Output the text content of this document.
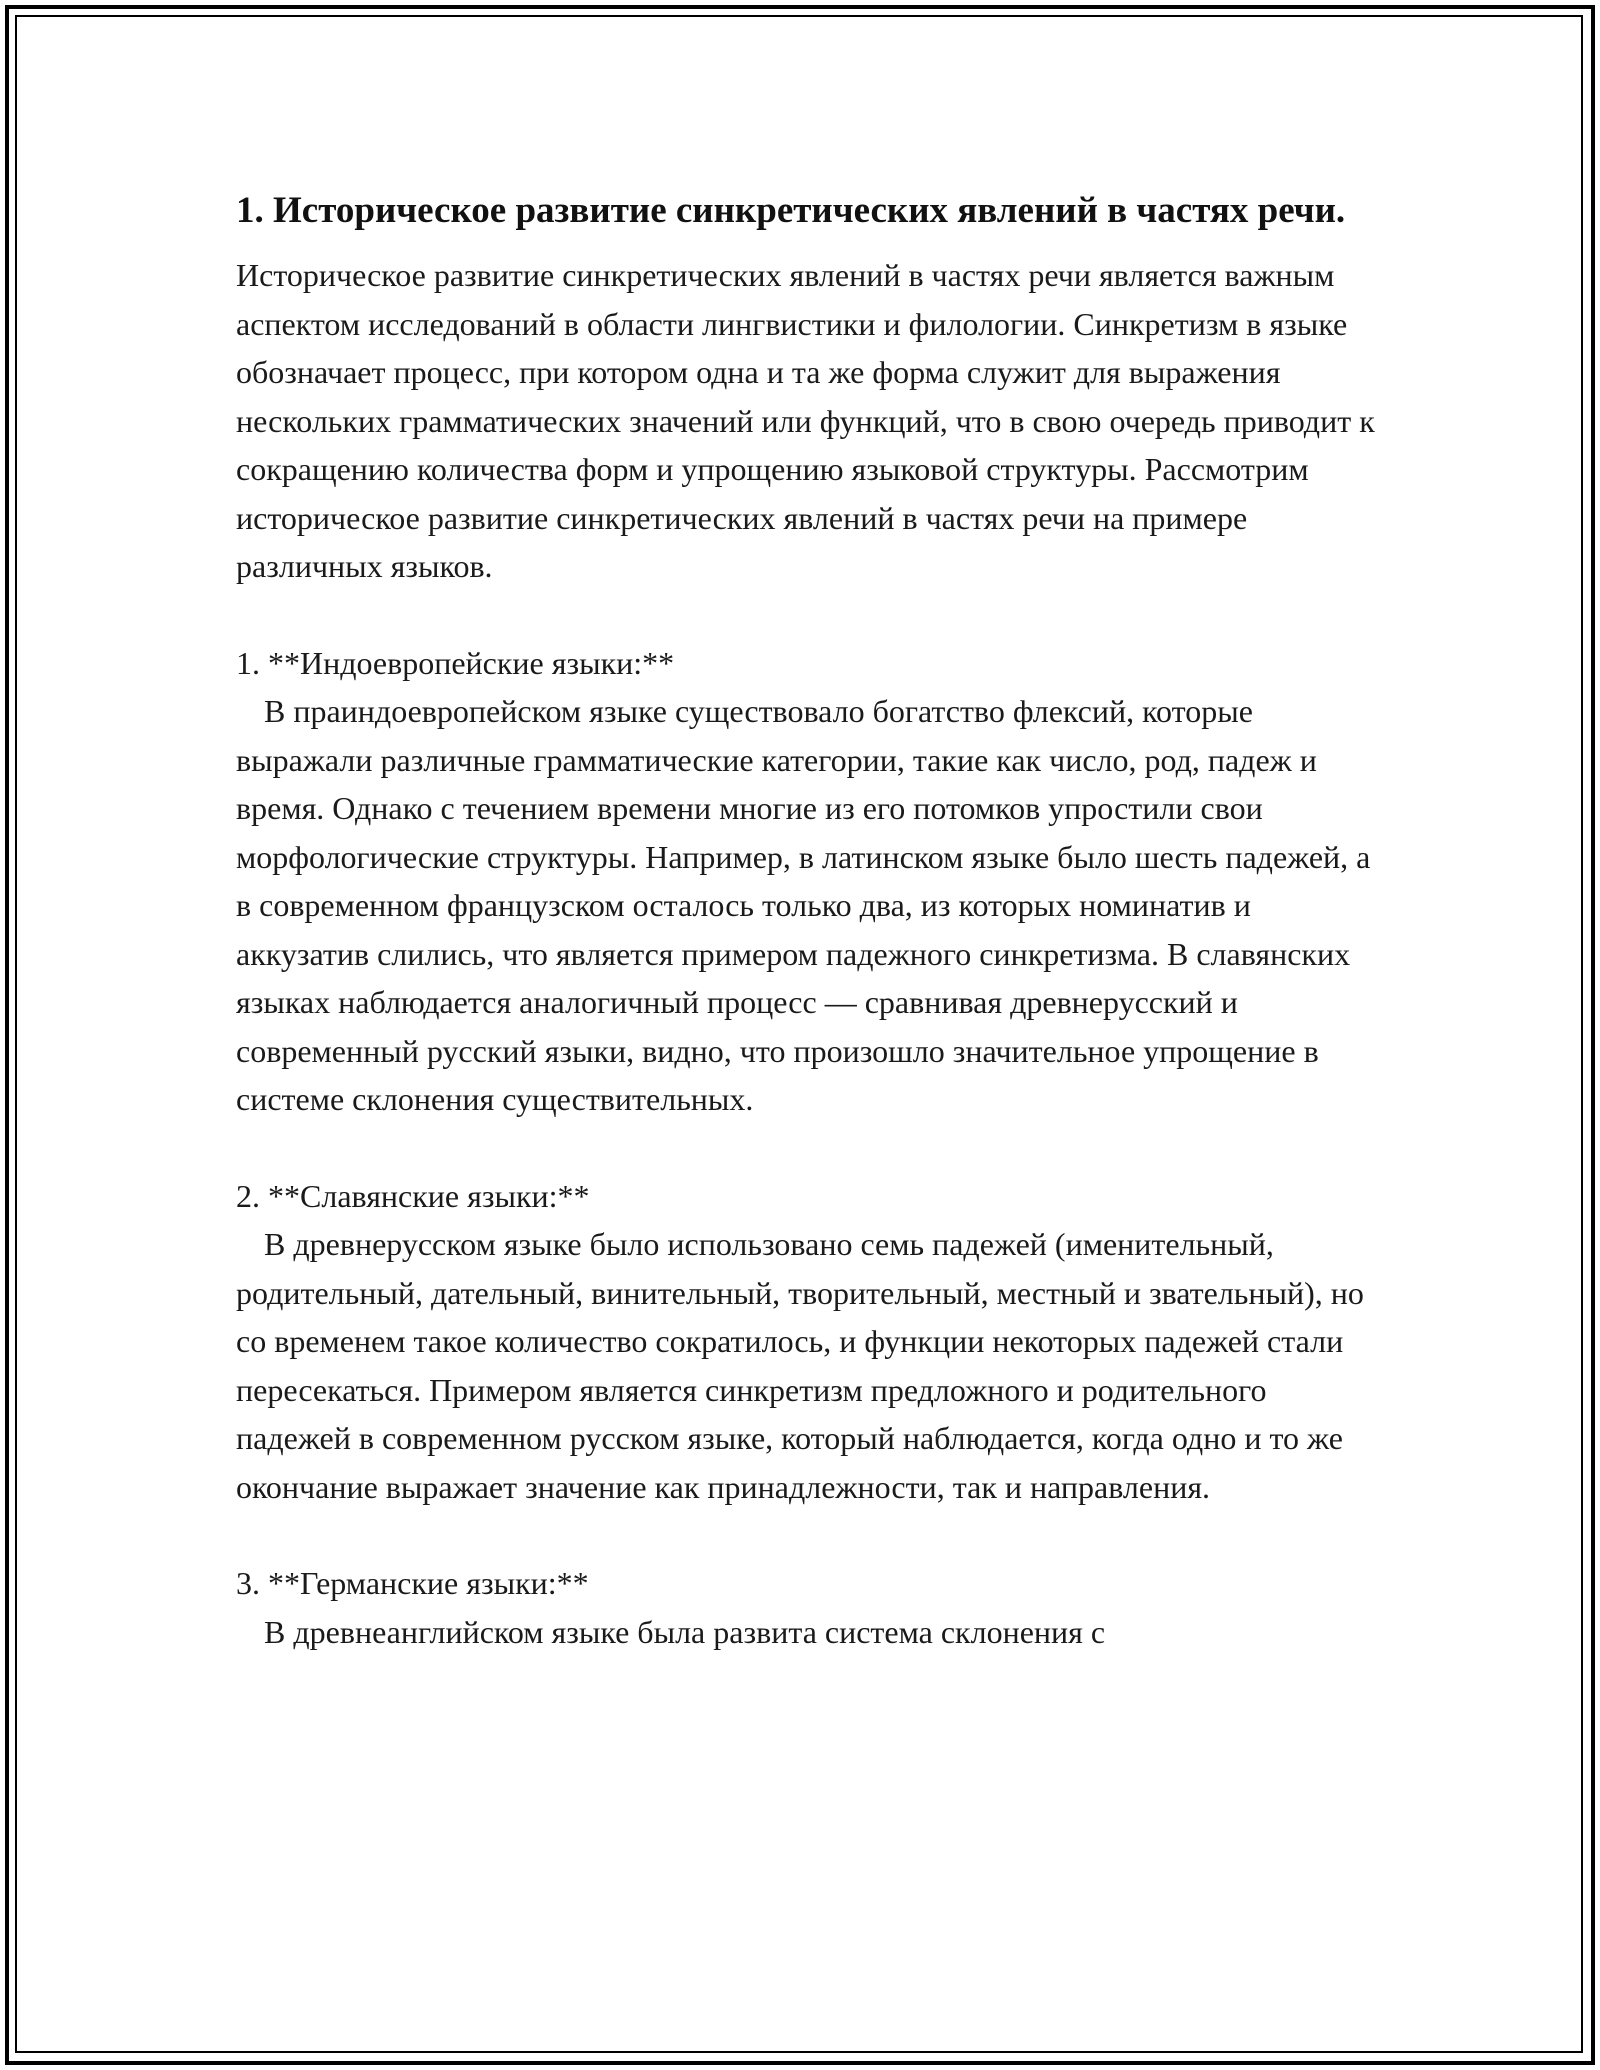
1. Историческое развитие синкретических явлений в частях речи.

Историческое развитие синкретических явлений в частях речи является важным аспектом исследований в области лингвистики и филологии. Синкретизм в языке обозначает процесс, при котором одна и та же форма служит для выражения нескольких грамматических значений или функций, что в свою очередь приводит к сокращению количества форм и упрощению языковой структуры. Рассмотрим историческое развитие синкретических явлений в частях речи на примере различных языков.

1. **Индоевропейские языки:**

В праиндоевропейском языке существовало богатство флексий, которые выражали различные грамматические категории, такие как число, род, падеж и время. Однако с течением времени многие из его потомков упростили свои морфологические структуры. Например, в латинском языке было шесть падежей, а в современном французском осталось только два, из которых номинатив и аккузатив слились, что является примером падежного синкретизма. В славянских языках наблюдается аналогичный процесс — сравнивая древнерусский и современный русский языки, видно, что произошло значительное упрощение в системе склонения существительных.

2. **Славянские языки:**

В древнерусском языке было использовано семь падежей (именительный, родительный, дательный, винительный, творительный, местный и звательный), но со временем такое количество сократилось, и функции некоторых падежей стали пересекаться. Примером является синкретизм предложного и родительного падежей в современном русском языке, который наблюдается, когда одно и то же окончание выражает значение как принадлежности, так и направления.

3. **Германские языки:**

В древнеанглийском языке была развита система склонения с
